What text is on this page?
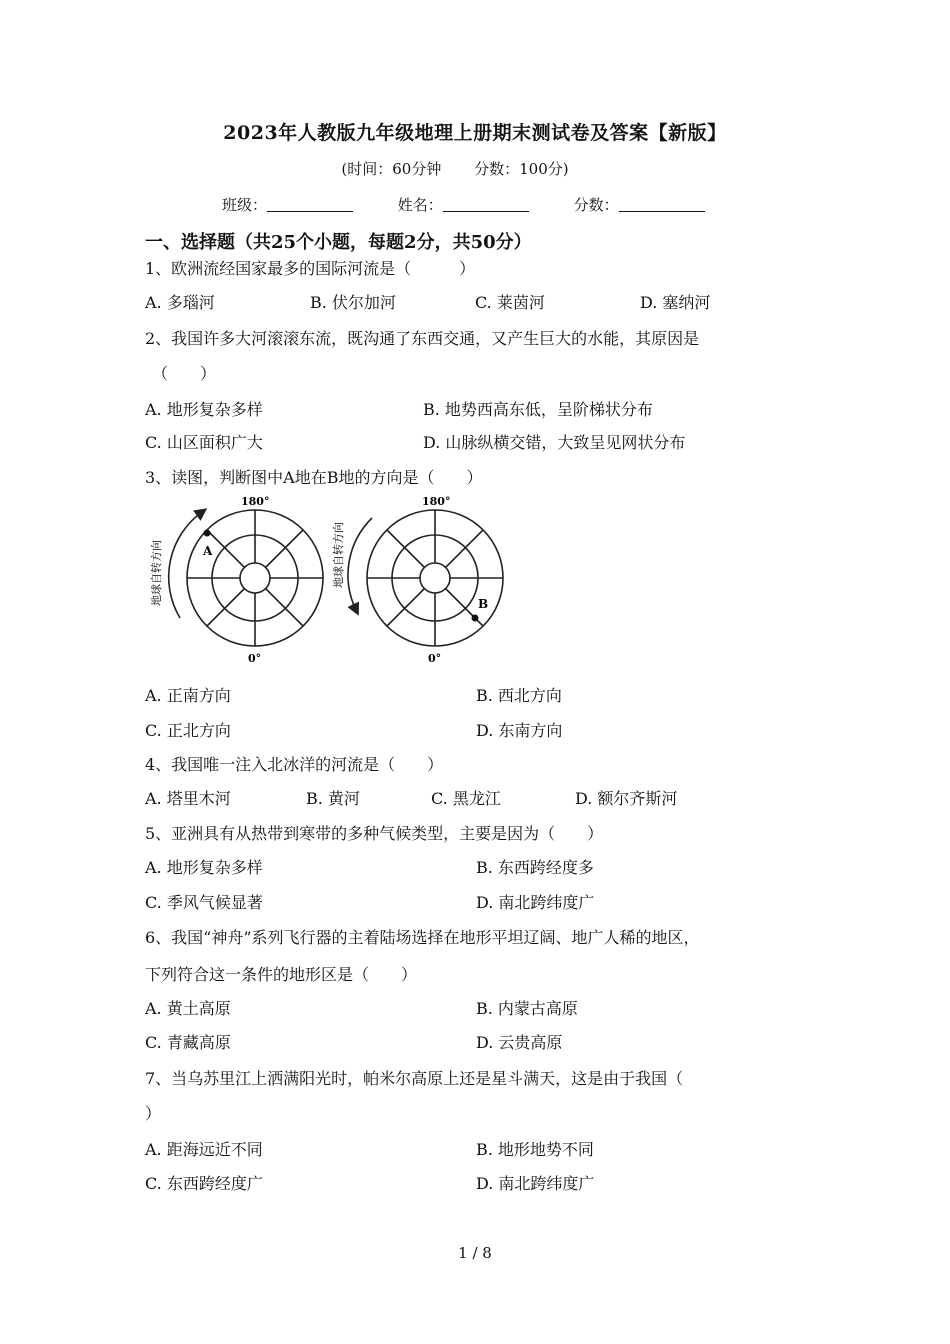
2023年人教版九年级地理上册期末测试卷及答案【新版】
(时间：60分钟 分数：100分)
班级：	姓名：	分数：
一、选择题（共25个小题，每题2分，共50分）
1、欧洲流经国家最多的国际河流是（　　　）
A. 多瑙河	B. 伏尔加河	C. 莱茵河	D. 塞纳河
2、我国许多大河滚滚东流，既沟通了东西交通，又产生巨大的水能，其原因是
（　　）
A. 地形复杂多样	B. 地势西高东低，呈阶梯状分布
C. 山区面积广大	D. 山脉纵横交错，大致呈见网状分布
3、读图，判断图中A地在B地的方向是（　　）
A
180°
0°
地球自转方向	B
180°
0°
地球自转方向
A. 正南方向	B. 西北方向
C. 正北方向	D. 东南方向
4、我国唯一注入北冰洋的河流是（　　）
A. 塔里木河	B. 黄河	C. 黑龙江	D. 额尔齐斯河
5、亚洲具有从热带到寒带的多种气候类型，主要是因为（　　）
A. 地形复杂多样	B. 东西跨经度多
C. 季风气候显著	D. 南北跨纬度广
6、我国“神舟”系列飞行器的主着陆场选择在地形平坦辽阔、地广人稀的地区，
下列符合这一条件的地形区是（　　）
A. 黄土高原	B. 内蒙古高原
C. 青藏高原	D. 云贵高原
7、当乌苏里江上洒满阳光时，帕米尔高原上还是星斗满天，这是由于我国（
）
A. 距海远近不同	B. 地形地势不同
C. 东西跨经度广	D. 南北跨纬度广
1 / 8
